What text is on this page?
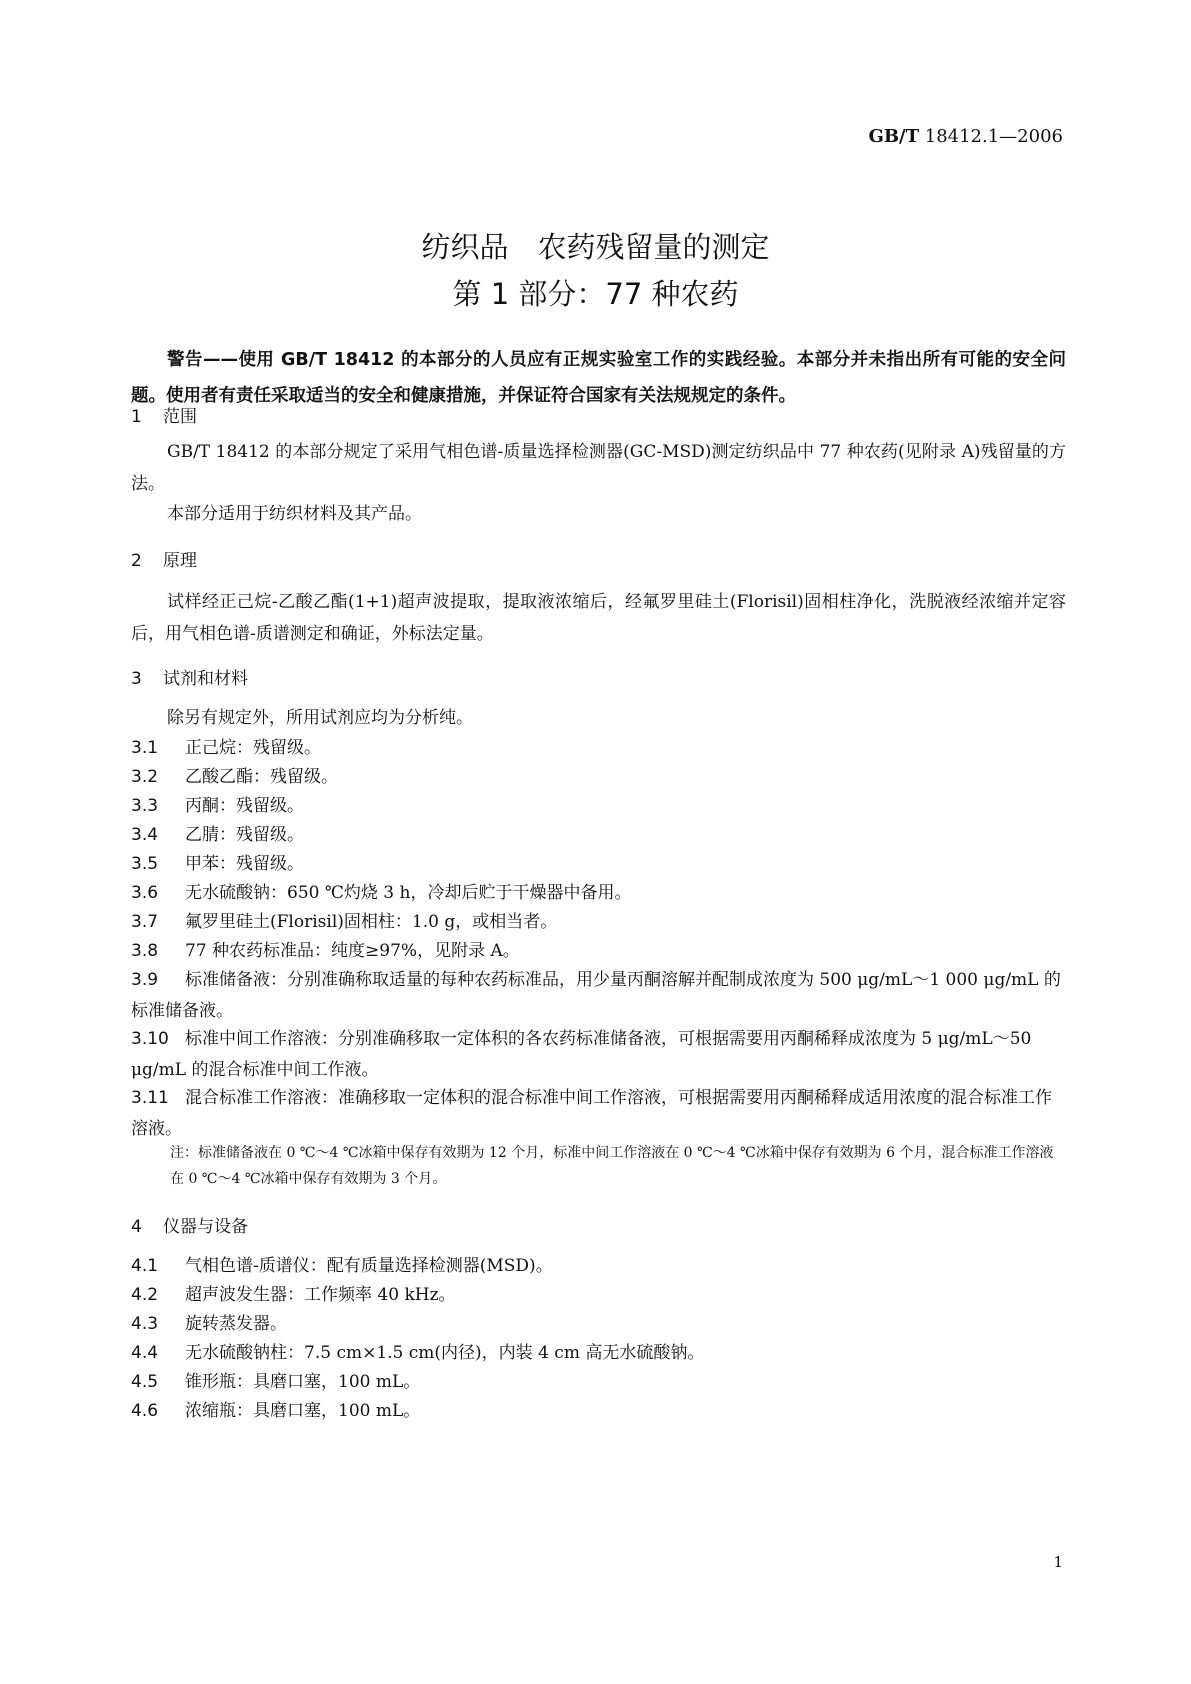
GB/T 18412.1—2006
纺织品　农药残留量的测定
第 1 部分：77 种农药
警告——使用 GB/T 18412 的本部分的人员应有正规实验室工作的实践经验。本部分并未指出所有可能的安全问题。使用者有责任采取适当的安全和健康措施，并保证符合国家有关法规规定的条件。
1 范围
GB/T 18412 的本部分规定了采用气相色谱-质量选择检测器(GC-MSD)测定纺织品中 77 种农药(见附录 A)残留量的方法。
本部分适用于纺织材料及其产品。
2 原理
试样经正己烷-乙酸乙酯(1+1)超声波提取，提取液浓缩后，经氟罗里硅土(Florisil)固相柱净化，洗脱液经浓缩并定容后，用气相色谱-质谱测定和确证，外标法定量。
3 试剂和材料
除另有规定外，所用试剂应均为分析纯。
3.1 正己烷：残留级。
3.2 乙酸乙酯：残留级。
3.3 丙酮：残留级。
3.4 乙腈：残留级。
3.5 甲苯：残留级。
3.6 无水硫酸钠：650 ℃灼烧 3 h，冷却后贮于干燥器中备用。
3.7 氟罗里硅土(Florisil)固相柱：1.0 g，或相当者。
3.8 77 种农药标准品：纯度≥97%，见附录 A。
3.9 标准储备液：分别准确称取适量的每种农药标准品，用少量丙酮溶解并配制成浓度为 500 μg/mL～1 000 μg/mL 的标准储备液。
3.10 标准中间工作溶液：分别准确移取一定体积的各农药标准储备液，可根据需要用丙酮稀释成浓度为 5 μg/mL～50 μg/mL 的混合标准中间工作液。
3.11 混合标准工作溶液：准确移取一定体积的混合标准中间工作溶液，可根据需要用丙酮稀释成适用浓度的混合标准工作溶液。
注：标准储备液在 0 ℃～4 ℃冰箱中保存有效期为 12 个月，标准中间工作溶液在 0 ℃～4 ℃冰箱中保存有效期为 6 个月，混合标准工作溶液在 0 ℃～4 ℃冰箱中保存有效期为 3 个月。
4 仪器与设备
4.1 气相色谱-质谱仪：配有质量选择检测器(MSD)。
4.2 超声波发生器：工作频率 40 kHz。
4.3 旋转蒸发器。
4.4 无水硫酸钠柱：7.5 cm×1.5 cm(内径)，内装 4 cm 高无水硫酸钠。
4.5 锥形瓶：具磨口塞，100 mL。
4.6 浓缩瓶：具磨口塞，100 mL。
1
